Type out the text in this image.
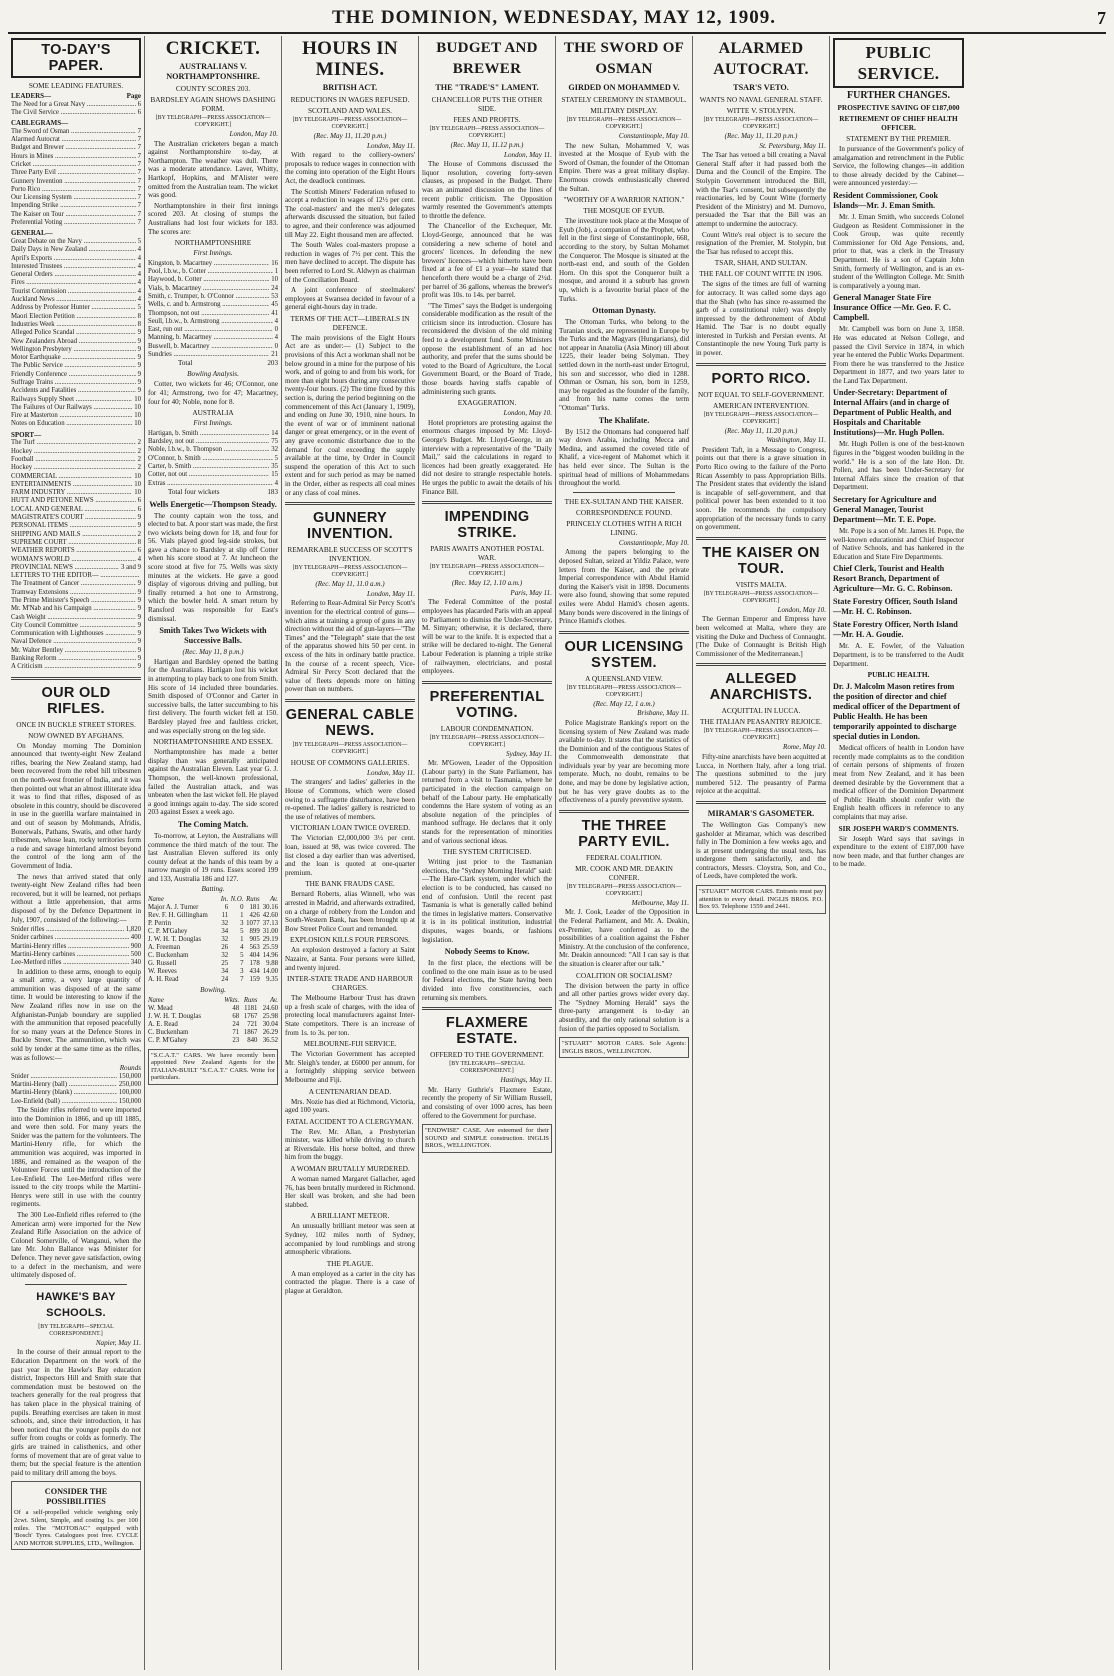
THE DOMINION, WEDNESDAY, MAY 12, 1909.	7
TO-DAY'S PAPER.
SOME LEADING FEATURES.
LEADERS—	Page
The Need for a Great Navy .....	6
The Civil Service .....	6
CABLEGRAMS—
The Sword of Osman .....	7
Alarmed Autocrat .....	7
Budget and Brewer .....	7
Hours in Mines .....	7
Cricket .....	7
Three Party Evil .....	7
Gunnery Invention .....	7
Porto Rico .....	7
Our Licensing System .....	7
Impending Strike .....	7
The Kaiser on Tour .....	7
Preferential Voting .....	7
GENERAL—
Great Debate on the Navy .....	5
Daily Days in New Zealand .....	4
April's Exports .....	4
Interested Trustees .....	4
General Orders .....	4
Fires .....	4
Tourist Commission .....	4
Auckland News .....	4
Address by Professor Hunter .....	5
Maori Election Petition .....	8
Industries Week .....	8
Alleged Police Scandal .....	9
New Zealanders Abroad .....	9
Wellington Presbytery .....	9
Motor Earthquake .....	9
The Public Service .....	9
Friendly Conference .....	9
Suffrage Trains .....	9
Accidents and Fatalities .....	9
Railways Supply Sheet .....	10
The Failures of Our Railways .....	10
Fire at Masterton .....	10
Notes on Education .....	10
SPORT—
The Turf .....	2
Hockey .....	2
Football .....	2
Hockey .....	2
COMMERCIAL .....	10
ENTERTAINMENTS .....	10
FARM INDUSTRY .....	10
HUTT AND PETONE NEWS .....	6
LOCAL AND GENERAL .....	6
MAGISTRATE'S COURT .....	9
PERSONAL ITEMS .....	9
SHIPPING AND MAILS .....	2
SUPREME COURT .....	8
WEATHER REPORTS .....	6
WOMAN'S WORLD .....	4
PROVINCIAL NEWS .....	3 and 9
LETTERS TO THE EDITOR— .....
The Treatment of Cancer .....	9
Tramway Extensions .....	9
The Prime Minister's Speech .....	9
Mr. M'Nab and his Campaign .....	9
Cash Weight .....	9
City Council Committee .....	9
Communication with Lighthouses .....	9
Naval Defence .....	9
Mr. Walter Bentley .....	9
Banking Reform .....	9
A Criticism .....	9
OUR OLD RIFLES.
ONCE IN BUCKLE STREET STORES.
NOW OWNED BY AFGHANS.

On Monday morning The Dominion announced that twenty-eight New Zealand rifles, bearing the New Zealand stamp, had been recovered from the rebel hill tribesmen on the north-west frontier of India, and it was then pointed out what an almost illiterate idea it was to find that rifles, disposed of as obsolete in this country, should be discovered in use in the guerilla warfare maintained in and out of season by Mohmands, Afridis, Bonerwals, Pathans, Swatis, and other hardy tribesmen, whose lean, rocky territories form a rude and savage hinterland almost beyond the control of the long arm of the Government of India.

The news that arrived stated that only twenty-eight New Zealand rifles had been recovered, but it will be learned, not perhaps without a little apprehension, that arms disposed of by the Defence Department in July, 1907, consisted of the following:—

Snider rifles .....	1,820
Snider carbines .....	400
Martini-Henry rifles .....	900
Martini-Henry carbines .....	500
Lee-Metford rifles .....	340

In addition to these arms, enough to equip a small army, a very large quantity of ammunition was disposed of at the same time. It would be interesting to know if the New Zealand rifles now in use on the Afghanistan-Punjab boundary are supplied with the ammunition that reposed peacefully for so many years at the Defence Stores in Buckle Street. The ammunition, which was sold by tender at the same time as the rifles, was as follows:—

Rounds
Snider .....	150,000
Martini-Henry (ball) .....	250,000
Martini-Henry (blank) .....	100,000
Lee-Enfield (ball) .....	150,000

The Snider rifles referred to were imported into the Dominion in 1866, and up till 1885, and were then sold. For many years the Snider was the pattern for the volunteers. The Martini-Henry rifle, for which the ammunition was acquired, was imported in 1886, and remained as the weapon of the Volunteer Forces until the introduction of the Lee-Enfield. The Lee-Metford rifles were issued to the city troops while the Martini-Henrys were still in use with the country regiments.

The 300 Lee-Enfield rifles referred to (the American arm) were imported for the New Zealand Rifle Association on the advice of Colonel Somerville, of Wanganui, when the late Mr. John Ballance was Minister for Defence. They never gave satisfaction, owing to a defect in the mechanism, and were ultimately disposed of.

HAWKE'S BAY SCHOOLS.
[BY TELEGRAPH—SPECIAL CORRESPONDENT.]
Napier, May 11.

In the course of their annual report to the Education Department on the work of the past year in the Hawke's Bay education district, Inspectors Hill and Smith state that commendation must be bestowed on the teachers generally for the real progress that has taken place in the physical training of pupils. Breathing exercises are taken in most schools, and, since their introduction, it has been noticed that the younger pupils do not suffer from coughs or colds as formerly. The girls are trained in calisthenics, and other forms of movement that are of great value to them; but the special feature is the attention paid to military drill among the boys.

CONSIDER THE POSSIBILITIES
Of a self-propelled vehicle weighing only 2cwt. Silent, Simple, and costing 1s. per 100 miles. The "MOTOBAC" equipped with 'Bosch' Tyres. Catalogues post free. CYCLE AND MOTOR SUPPLIES, LTD., Wellington.
CRICKET.
AUSTRALIANS V. NORTHAMPTONSHIRE.
COUNTY SCORES 203.
BARDSLEY AGAIN SHOWS DASHING FORM.
[BY TELEGRAPH—PRESS ASSOCIATION—COPYRIGHT.]
London, May 10.

The Australian cricketers began a match against Northamptonshire to-day, at Northampton. The weather was dull. There was a moderate attendance. Laver, Whitty, Hartkopf, Hopkins, and M'Alister were omitted from the Australian team. The wicket was good.

Northamptonshire in their first innings scored 203. At closing of stumps the Australians had lost four wickets for 183. The scores are:

NORTHAMPTONSHIRE
First Innings.
Kingston, b. Macartney .....	16
Pool, l.b.w., b. Cotter .....	1
Haywood, b. Cotter .....	10
Vials, b. Macartney .....	24
Smith, c. Trumper, b. O'Connor .....	53
Wells, c. and b. Armstrong .....	45
Thompson, not out .....	41
Seull, l.b.w., b. Armstrong .....	4
East, run out .....	0
Manning, b. Macartney .....	4
Buswell, b. Macartney .....	0
Sundries .....	21
Total	203
Bowling Analysis.

Cotter, two wickets for 46; O'Connor, one for 41; Armstrong, two for 47; Macartney, four for 40; Noble, none for 8.

AUSTRALIA
First Innings.
Hartigan, b. Smith .....	14
Bardsley, not out .....	75
Noble, l.b.w., b. Thompson .....	32
O'Connor, b. Smith .....	5
Carter, b. Smith .....	35
Cotter, not out .....	15
Extras .....	4
Total four wickets	183
Wells Energetic—Thompson Steady.

The county captain won the toss, and elected to bat. A poor start was made, the first two wickets being down for 18, and four for 56. Vials played good leg-side strokes, but gave a chance to Bardsley at slip off Cotter when his score stood at 7. At luncheon the score stood at five for 75. Wells was sixty minutes at the wickets. He gave a good display of vigorous driving and pulling, but finally returned a hot one to Armstrong, which the bowler held. A smart return by Ransford was responsible for East's dismissal.

Smith Takes Two Wickets with Successive Balls.
(Rec. May 11, 8 p.m.)

Hartigan and Bardsley opened the batting for the Australians. Hartigan lost his wicket in attempting to play back to one from Smith. His score of 14 included three boundaries. Smith disposed of O'Connor and Carter in successive balls, the latter succumbing to his first delivery. The fourth wicket fell at 150. Bardsley played free and faultless cricket, and was especially strong on the leg side.

NORTHAMPTONSHIRE AND ESSEX.

Northamptonshire has made a better display than was generally anticipated against the Australian Eleven. Last year G. J. Thompson, the well-known professional, failed the Australian attack, and was unbeaten when the last wicket fell. He played a good innings again to-day. The side scored 203 against Essex a week ago.

The Coming Match.

To-morrow, at Leyton, the Australians will commence the third match of the tour. The last Australian Eleven suffered its only county defeat at the hands of this team by a narrow margin of 19 runs. Essex scored 199 and 133, Australia 186 and 127.

Batting.
Name	In.	N.O.	Runs	Av.
Major A. J. Turner	6	0	181	30.16
Rev. F. H. Gillingham	11	1	426	42.60
P. Perrin	32	3	1077	37.13
C. P. M'Gahey	34	5	899	31.00
J. W. H. T. Douglas	32	1	905	29.19
A. Freeman	26	4	563	25.59
C. Buckenham	32	5	404	14.96
G. Russell	25	7	178	9.88
W. Reeves	34	3	434	14.00
A. H. Read	24	7	159	9.35
Bowling.
Name	Wkts.	Runs	Av.
W. Mead	48	1181	24.60
J. W. H. T. Douglas	68	1767	25.98
A. E. Read	24	721	30.04
C. Buckenham	71	1867	26.29
C. P. M'Gahey	23	840	36.52
"S.C.A.T." CARS. We have recently been appointed New Zealand Agents for the ITALIAN-BUILT "S.C.A.T." CARS. Write for particulars.
HOURS IN MINES.
BRITISH ACT.
REDUCTIONS IN WAGES REFUSED.
SCOTLAND AND WALES.
[BY TELEGRAPH—PRESS ASSOCIATION—COPYRIGHT.]
(Rec. May 11, 11.20 p.m.)
London, May 11.

With regard to the colliery-owners' proposals to reduce wages in connection with the coming into operation of the Eight Hours Act, the deadlock continues.

The Scottish Miners' Federation refused to accept a reduction in wages of 12½ per cent. The coal-masters' and the men's delegates afterwards discussed the situation, but failed to agree, and their conference was adjourned till May 22. Eight thousand men are affected.

The South Wales coal-masters propose a reduction in wages of 7½ per cent. This the men have declined to accept. The dispute has been referred to Lord St. Aldwyn as chairman of the Conciliation Board.

A joint conference of steelmakers' employees at Swansea decided in favour of a general eight-hours day in trade.

TERMS OF THE ACT—LIBERALS IN DEFENCE.

The main provisions of the Eight Hours Act are as under:— (1) Subject to the provisions of this Act a workman shall not be below ground in a mine for the purpose of his work, and of going to and from his work, for more than eight hours during any consecutive twenty-four hours. (2) The time fixed by this section is, during the period beginning on the commencement of this Act (January 1, 1909), and ending on June 30, 1910, nine hours. In the event of war or of imminent national danger or great emergency, or in the event of any grave economic disturbance due to the demand for coal exceeding the supply available at the time, by Order in Council suspend the operation of this Act to such extent and for such period as may be named in the Order, either as respects all coal mines or any class of coal mines.

GUNNERY INVENTION.
REMARKABLE SUCCESS OF SCOTT'S INVENTION.
[BY TELEGRAPH—PRESS ASSOCIATION—COPYRIGHT.]
(Rec. May 11, 11.0 a.m.)
London, May 11.

Referring to Rear-Admiral Sir Percy Scott's invention for the electrical control of guns—which aims at training a group of guns in any direction without the aid of gun-layers—"The Times" and the "Telegraph" state that the test of the apparatus showed hits 50 per cent. in excess of the hits in ordinary battle practice. In the course of a recent speech, Vice-Admiral Sir Percy Scott declared that the value of fleets depends more on hitting power than on numbers.

GENERAL CABLE NEWS.
[BY TELEGRAPH—PRESS ASSOCIATION—COPYRIGHT.]
HOUSE OF COMMONS GALLERIES.
London, May 11.

The strangers' and ladies' galleries in the House of Commons, which were closed owing to a suffragette disturbance, have been re-opened. The ladies' gallery is restricted to the use of relatives of members.

VICTORIAN LOAN TWICE OVERED.

The Victorian £2,000,000 3½ per cent. loan, issued at 98, was twice covered. The list closed a day earlier than was advertised, and the loan is quoted at one-quarter premium.

THE BANK FRAUDS CASE.

Bernard Roberts, alias Winnell, who was arrested in Madrid, and afterwards extradited, on a charge of robbery from the London and South-Western Bank, has been brought up at Bow Street Police Court and remanded.

EXPLOSION KILLS FOUR PERSONS.

An explosion destroyed a factory at Saint Nazaire, at Santa. Four persons were killed, and twenty injured.

INTER-STATE TRADE AND HARBOUR CHARGES.

The Melbourne Harbour Trust has drawn up a fresh scale of charges, with the idea of protecting local manufacturers against Inter-State competitors. There is an increase of from 1s. to 3s. per ton.

MELBOURNE-FIJI SERVICE.

The Victorian Government has accepted Mr. Sleigh's tender, at £6000 per annum, for a fortnightly shipping service between Melbourne and Fiji.

A CENTENARIAN DEAD.

Mrs. Nozie has died at Richmond, Victoria, aged 100 years.

FATAL ACCIDENT TO A CLERGYMAN.

The Rev. Mr. Allan, a Presbyterian minister, was killed while driving to church at Riversdale. His horse bolted, and threw him from the buggy.

A WOMAN BRUTALLY MURDERED.

A woman named Margaret Gallacher, aged 76, has been brutally murdered in Richmond. Her skull was broken, and she had been stabbed.

A BRILLIANT METEOR.

An unusually brilliant meteor was seen at Sydney, 102 miles north of Sydney, accompanied by loud rumblings and strong atmospheric vibrations.

THE PLAGUE.

A man employed as a carter in the city has contracted the plague. There is a case of plague at Geraldton.

BUDGET AND BREWER
THE "TRADE'S" LAMENT.
CHANCELLOR PUTS THE OTHER SIDE.
FEES AND PROFITS.
[BY TELEGRAPH—PRESS ASSOCIATION—COPYRIGHT.]
(Rec. May 11, 11.12 p.m.)
London, May 11.

The House of Commons discussed the liquor resolution, covering forty-seven clauses, as proposed in the Budget. There was an animated discussion on the lines of recent public criticism. The Opposition warmly resented the Government's attempts to throttle the defence.

The Chancellor of the Exchequer, Mr. Lloyd-George, announced that he was considering a new scheme of hotel and grocers' licences. In defending the new brewers' licences—which hitherto have been fixed at a fee of £1 a year—he stated that henceforth there would be a charge of 2½d. per barrel of 36 gallons, whereas the brewer's profit was 10s. to 14s. per barrel.

"The Times" says the Budget is undergoing considerable modification as the result of the criticism since its introduction. Closure has reconsidered the division of the old mining feed to a development fund. Some Ministers oppose the establishment of an ad hoc authority, and prefer that the sums should be voted to the Board of Agriculture, the Local Government Board, or the Board of Trade, those boards having staffs capable of administering such grants.

EXAGGERATION.
London, May 10.

Hotel proprietors are protesting against the enormous charges imposed by Mr. Lloyd-George's Budget. Mr. Lloyd-George, in an interview with a representative of the "Daily Mail," said the calculations in regard to licences had been greatly exaggerated. He did not desire to strangle respectable hotels. He urges the public to await the details of his Finance Bill.

IMPENDING STRIKE.
PARIS AWAITS ANOTHER POSTAL WAR.
[BY TELEGRAPH—PRESS ASSOCIATION—COPYRIGHT.]
(Rec. May 12, 1.10 a.m.)
Paris, May 11.

The Federal Committee of the postal employees has placarded Paris with an appeal to Parliament to dismiss the Under-Secretary, M. Simyan; otherwise, it is declared, there will be war to the knife. It is expected that a strike will be declared to-night. The General Labour Federation is planning a triple strike of railwaymen, electricians, and postal employees.

PREFERENTIAL VOTING.
LABOUR CONDEMNATION.
[BY TELEGRAPH—PRESS ASSOCIATION—COPYRIGHT.]
Sydney, May 11.

Mr. M'Gowen, Leader of the Opposition (Labour party) in the State Parliament, has returned from a visit to Tasmania, where he participated in the election campaign on behalf of the Labour party. He emphatically condemns the Hare system of voting as an absolute negation of the principles of manhood suffrage. He declares that it only stands for the representation of minorities and of various sectional ideas.

THE SYSTEM CRITICISED.

Writing just prior to the Tasmanian elections, the "Sydney Morning Herald" said:—The Hare-Clark system, under which the election is to be conducted, has caused no end of confusion. Until the recent past Tasmania is what is generally called behind the times in legislative matters. Conservative it is in its political institution, industrial disputes, wages boards, or fashions legislation.

Nobody Seems to Know.

In the first place, the elections will be confined to the one main issue as to be used for Federal elections, the State having been divided into five constituencies, each returning six members.

FLAXMERE ESTATE.
OFFERED TO THE GOVERNMENT.
[BY TELEGRAPH—SPECIAL CORRESPONDENT.]
Hastings, May 11.

Mr. Harry Guthrie's Flaxmere Estate, recently the property of Sir William Russell, and consisting of over 1000 acres, has been offered to the Government for purchase.

"ENDWISE" CASE. Are esteemed for their SOUND and SIMPLE construction. INGLIS BROS., WELLINGTON.
THE SWORD OF OSMAN
GIRDED ON MOHAMMED V.
STATELY CEREMONY IN STAMBOUL.
MILITARY DISPLAY.
[BY TELEGRAPH—PRESS ASSOCIATION—COPYRIGHT.]
Constantinople, May 10.

The new Sultan, Mohammed V, was invested at the Mosque of Eyub with the Sword of Osman, the founder of the Ottoman Empire. There was a great military display. Enormous crowds enthusiastically cheered the Sultan.

"WORTHY OF A WARRIOR NATION."
THE MOSQUE OF EYUB.

The investiture took place at the Mosque of Eyub (Job), a companion of the Prophet, who fell in the first siege of Constantinople, 668, according to the story, by Sultan Mohamet the Conqueror. The Mosque is situated at the north-east end, and south of the Golden Horn. On this spot the Conqueror built a mosque, and around it a suburb has grown up, which is a favourite burial place of the Turks.

Ottoman Dynasty.

The Ottoman Turks, who belong to the Turanian stock, are represented in Europe by the Turks and the Magyars (Hungarians), did not appear in Anatolia (Asia Minor) till about 1225, their leader being Solyman. They settled down in the north-east under Ertogrul, his son and successor, who died in 1288. Othman or Osman, his son, born in 1259, may be regarded as the founder of the family, and from his name comes the term "Ottoman" Turks.

The Khalifate.

By 1512 the Ottomans had conquered half way down Arabia, including Mecca and Medina, and assumed the coveted title of Khalif, a vice-regent of Mahomet which it has held ever since. The Sultan is the spiritual head of millions of Mohammedans throughout the world.

THE EX-SULTAN AND THE KAISER.
CORRESPONDENCE FOUND.
PRINCELY CLOTHES WITH A RICH LINING.
Constantinople, May 10.

Among the papers belonging to the deposed Sultan, seized at Yildiz Palace, were letters from the Kaiser, and the private Imperial correspondence with Abdul Hamid during the Kaiser's visit in 1898. Documents were also found, showing that some reputed exiles were Abdul Hamid's chosen agents. Many bonds were discovered in the linings of Prince Hamid's clothes.

OUR LICENSING SYSTEM.
A QUEENSLAND VIEW.
[BY TELEGRAPH—PRESS ASSOCIATION—COPYRIGHT.]
(Rec. May 12, 1 a.m.)
Brisbane, May 11.

Police Magistrate Ranking's report on the licensing system of New Zealand was made available to-day. It states that the statistics of the Dominion and of the contiguous States of the Commonwealth demonstrate that individuals year by year are becoming more temperate. Much, no doubt, remains to be done, and may be done by legislative action, but he has very grave doubts as to the effectiveness of a purely preventive system.

THE THREE PARTY EVIL.
FEDERAL COALITION.
MR. COOK AND MR. DEAKIN CONFER.
[BY TELEGRAPH—PRESS ASSOCIATION—COPYRIGHT.]
Melbourne, May 11.

Mr. J. Cook, Leader of the Opposition in the Federal Parliament, and Mr. A. Deakin, ex-Premier, have conferred as to the possibilities of a coalition against the Fisher Ministry. At the conclusion of the conference, Mr. Deakin announced: "All I can say is that the situation is clearer after our talk."

COALITION OR SOCIALISM?

The division between the party in office and all other parties grows wider every day. The "Sydney Morning Herald" says the three-party arrangement is to-day an absurdity, and the only rational solution is a fusion of the parties opposed to Socialism.

"STUART" MOTOR CARS. Sole Agents: INGLIS BROS., WELLINGTON.
ALARMED AUTOCRAT.
TSAR'S VETO.
WANTS NO NAVAL GENERAL STAFF.
WITTE V. STOLYPIN.
[BY TELEGRAPH—PRESS ASSOCIATION—COPYRIGHT.]
(Rec. May 11, 11.20 p.m.)
St. Petersburg, May 11.

The Tsar has vetoed a bill creating a Naval General Staff after it had passed both the Duma and the Council of the Empire. The Stolypin Government introduced the Bill, with the Tsar's consent, but subsequently the reactionaries, led by Count Witte (formerly President of the Ministry) and M. Durnovo, persuaded the Tsar that the Bill was an attempt to undermine the autocracy.

Count Witte's real object is to secure the resignation of the Premier, M. Stolypin, but the Tsar has refused to accept this.

TSAR, SHAH, AND SULTAN.
THE FALL OF COUNT WITTE IN 1906.

The signs of the times are full of warning for autocracy. It was called some days ago that the Shah (who has since re-assumed the garb of a constitutional ruler) was deeply impressed by the dethronement of Abdul Hamid. The Tsar is no doubt equally interested in Turkish and Persian events. At Constantinople the new Young Turk party is in power.

PORTO RICO.
NOT EQUAL TO SELF-GOVERNMENT.
AMERICAN INTERVENTION.
[BY TELEGRAPH—PRESS ASSOCIATION—COPYRIGHT.]
(Rec. May 11, 11.20 p.m.)
Washington, May 11.

President Taft, in a Message to Congress, points out that there is a grave situation in Porto Rico owing to the failure of the Porto Rican Assembly to pass Appropriation Bills. The President states that evidently the island is incapable of self-government, and that political power has been extended to it too soon. He recommends the compulsory appropriation of the necessary funds to carry on government.

THE KAISER ON TOUR.
VISITS MALTA.
[BY TELEGRAPH—PRESS ASSOCIATION—COPYRIGHT.]
London, May 10.

The German Emperor and Empress have been welcomed at Malta, where they are visiting the Duke and Duchess of Connaught. [The Duke of Connaught is British High Commissioner of the Mediterranean.]

ALLEGED ANARCHISTS.
ACQUITTAL IN LUCCA.
THE ITALIAN PEASANTRY REJOICE.
[BY TELEGRAPH—PRESS ASSOCIATION—COPYRIGHT.]
Rome, May 10.

Fifty-nine anarchists have been acquitted at Lucca, in Northern Italy, after a long trial. The questions submitted to the jury numbered 512. The peasantry of Parma rejoice at the acquittal.

MIRAMAR'S GASOMETER.

The Wellington Gas Company's new gasholder at Miramar, which was described fully in The Dominion a few weeks ago, and is at present undergoing the usual tests, has undergone them satisfactorily, and the contractors, Messrs. Cloystra, Son, and Co., of Leeds, have completed the work.

"STUART" MOTOR CARS. Entrants must pay attention to every detail. INGLIS BROS. P.O. Box 93. Telephone 1559 and 2441.
PUBLIC SERVICE.
FURTHER CHANGES.
PROSPECTIVE SAVING OF £187,000
RETIREMENT OF CHIEF HEALTH OFFICER.
STATEMENT BY THE PREMIER.

In pursuance of the Government's policy of amalgamation and retrenchment in the Public Service, the following changes—in addition to those already decided by the Cabinet—were announced yesterday:—

Resident Commissioner, Cook Islands—Mr. J. Eman Smith.

Mr. J. Eman Smith, who succeeds Colonel Gudgeon as Resident Commissioner in the Cook Group, was quite recently Commissioner for Old Age Pensions, and, prior to that, was a clerk in the Treasury Department. He is a son of Captain John Smith, formerly of Wellington, and is an ex-student of the Wellington College. Mr. Smith is comparatively a young man.

General Manager State Fire Insurance Office —Mr. Geo. F. C. Campbell.

Mr. Campbell was born on June 3, 1858. He was educated at Nelson College, and passed the Civil Service in 1874, in which year he entered the Public Works Department. From there he was transferred to the Justice Department in 1877, and two years later to the Land Tax Department.

Under-Secretary: Department of Internal Affairs (and in charge of Department of Public Health, and Hospitals and Charitable Institutions)—Mr. Hugh Pollen.

Mr. Hugh Pollen is one of the best-known figures in the "biggest wooden building in the world." He is a son of the late Hon. Dr. Pollen, and has been Under-Secretary for Internal Affairs since the creation of that Department.

Secretary for Agriculture and General Manager, Tourist Department—Mr. T. E. Pope.

Mr. Pope is a son of Mr. James H. Pope, the well-known educationist and Chief Inspector of Native Schools, and has hankered in the Education and State Fire Departments.

Chief Clerk, Tourist and Health Resort Branch, Department of Agriculture—Mr. G. C. Robinson.
State Forestry Officer, South Island—Mr. H. C. Robinson.
State Forestry Officer, North Island—Mr. H. A. Goudie.

Mr. A. E. Fowler, of the Valuation Department, is to be transferred to the Audit Department.

PUBLIC HEALTH.
Dr. J. Malcolm Mason retires from the position of director and chief medical officer of the Department of Public Health. He has been temporarily appointed to discharge special duties in London.

Medical officers of health in London have recently made complaints as to the condition of certain persons of shipments of frozen meat from New Zealand, and it has been deemed desirable by the Government that a medical officer of the Dominion Department of Public Health should confer with the English health officers in reference to any complaints that may arise.

SIR JOSEPH WARD'S COMMENTS.

Sir Joseph Ward says that savings in expenditure to the extent of £187,000 have now been made, and that further changes are to be made.
